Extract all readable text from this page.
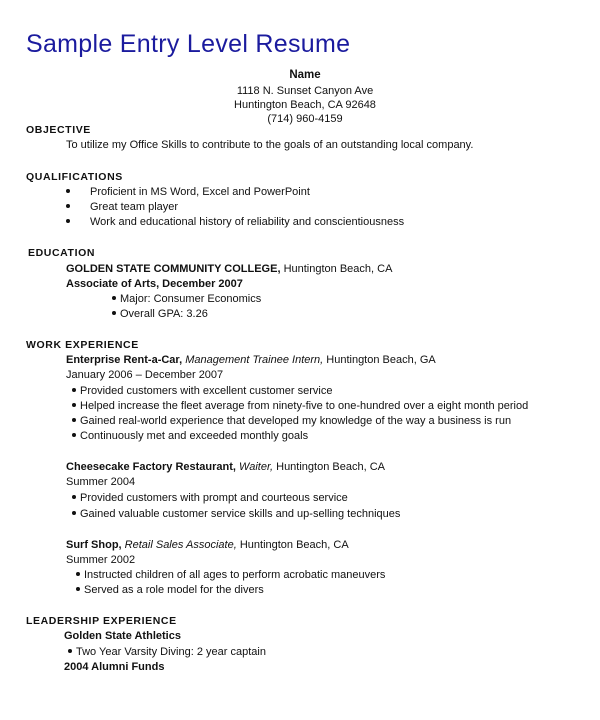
Sample Entry Level Resume
Name
1118 N. Sunset Canyon Ave
Huntington Beach, CA 92648
(714) 960-4159
OBJECTIVE
To utilize my Office Skills to contribute to the goals of an outstanding local company.
QUALIFICATIONS
Proficient in MS Word, Excel and PowerPoint
Great team player
Work and educational history of reliability and conscientiousness
EDUCATION
GOLDEN STATE COMMUNITY COLLEGE, Huntington Beach, CA
Associate of Arts, December 2007
Major: Consumer Economics
Overall GPA: 3.26
WORK EXPERIENCE
Enterprise Rent-a-Car, Management Trainee Intern, Huntington Beach, GA
January 2006 – December 2007
Provided customers with excellent customer service
Helped increase the fleet average from ninety-five to one-hundred over a eight month period
Gained real-world experience that developed my knowledge of the way a business is run
Continuously met and exceeded monthly goals
Cheesecake Factory Restaurant, Waiter, Huntington Beach, CA
Summer 2004
Provided customers with prompt and courteous service
Gained valuable customer service skills and up-selling techniques
Surf Shop, Retail Sales Associate, Huntington Beach, CA
Summer 2002
Instructed children of all ages to perform acrobatic maneuvers
Served as a role model for the divers
LEADERSHIP EXPERIENCE
Golden State Athletics
Two Year Varsity Diving: 2 year captain
2004 Alumni Funds
